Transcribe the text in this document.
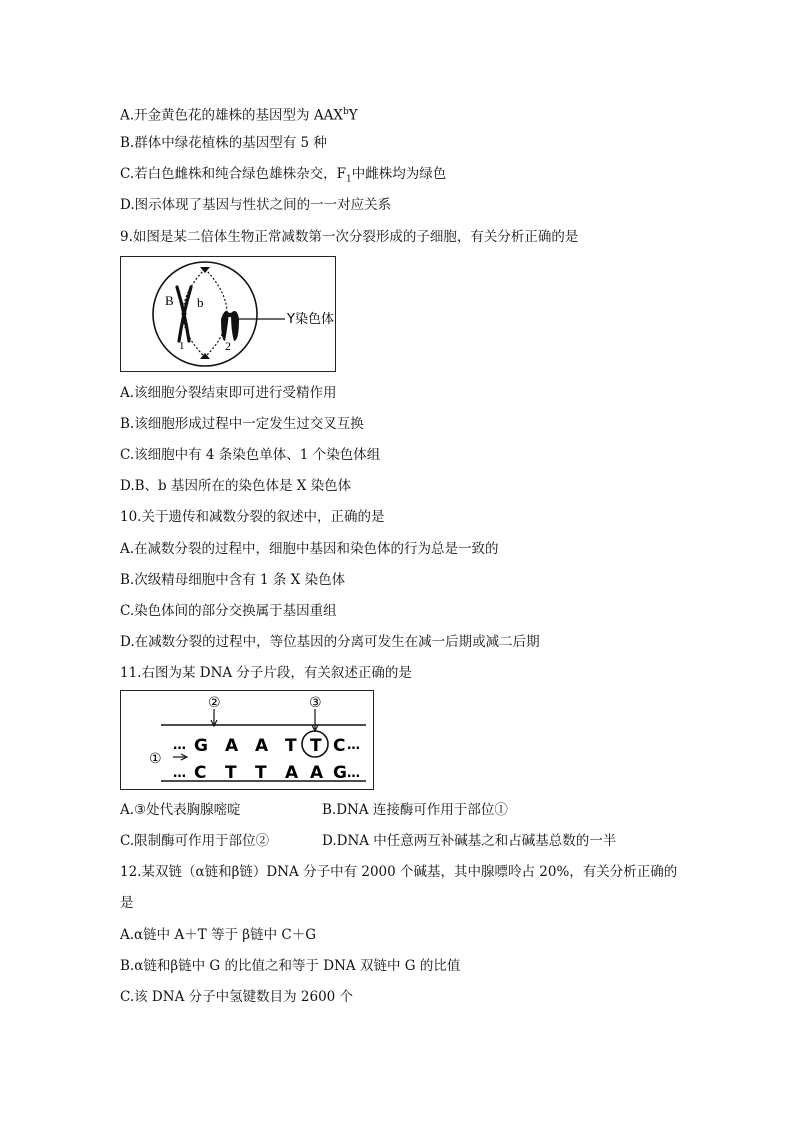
A.开金黄色花的雄株的基因型为 AAX$^b$Y
B.群体中绿花植株的基因型有 5 种
C.若白色雌株和纯合绿色雄株杂交，$F_1$中雌株均为绿色
D.图示体现了基因与性状之间的一一对应关系
9.如图是某二倍体生物正常减数第一次分裂形成的子细胞，有关分析正确的是
B b
1	2
Y染色体
A.该细胞分裂结束即可进行受精作用
B.该细胞形成过程中一定发生过交叉互换
C.该细胞中有 4 条染色单体、1 个染色体组
D.B、b 基因所在的染色体是 X 染色体
10.关于遗传和减数分裂的叙述中，正确的是
A.在减数分裂的过程中，细胞中基因和染色体的行为总是一致的
B.次级精母细胞中含有 1 条 X 染色体
C.染色体间的部分交换属于基因重组
D.在减数分裂的过程中，等位基因的分离可发生在减一后期或减二后期
11.右图为某 DNA 分子片段，有关叙述正确的是
②	③
①
…	…
…	…
G A A T T C
C T T A A G
A.③处代表胸腺嘧啶	B.DNA 连接酶可作用于部位①
C.限制酶可作用于部位②	D.DNA 中任意两互补碱基之和占碱基总数的一半
12.某双链（α链和β链）DNA 分子中有 2000 个碱基，其中腺嘌呤占 20%，有关分析正确的
是
A.α链中 A＋T 等于 β链中 C＋G
B.α链和β链中 G 的比值之和等于 DNA 双链中 G 的比值
C.该 DNA 分子中氢键数目为 2600 个
